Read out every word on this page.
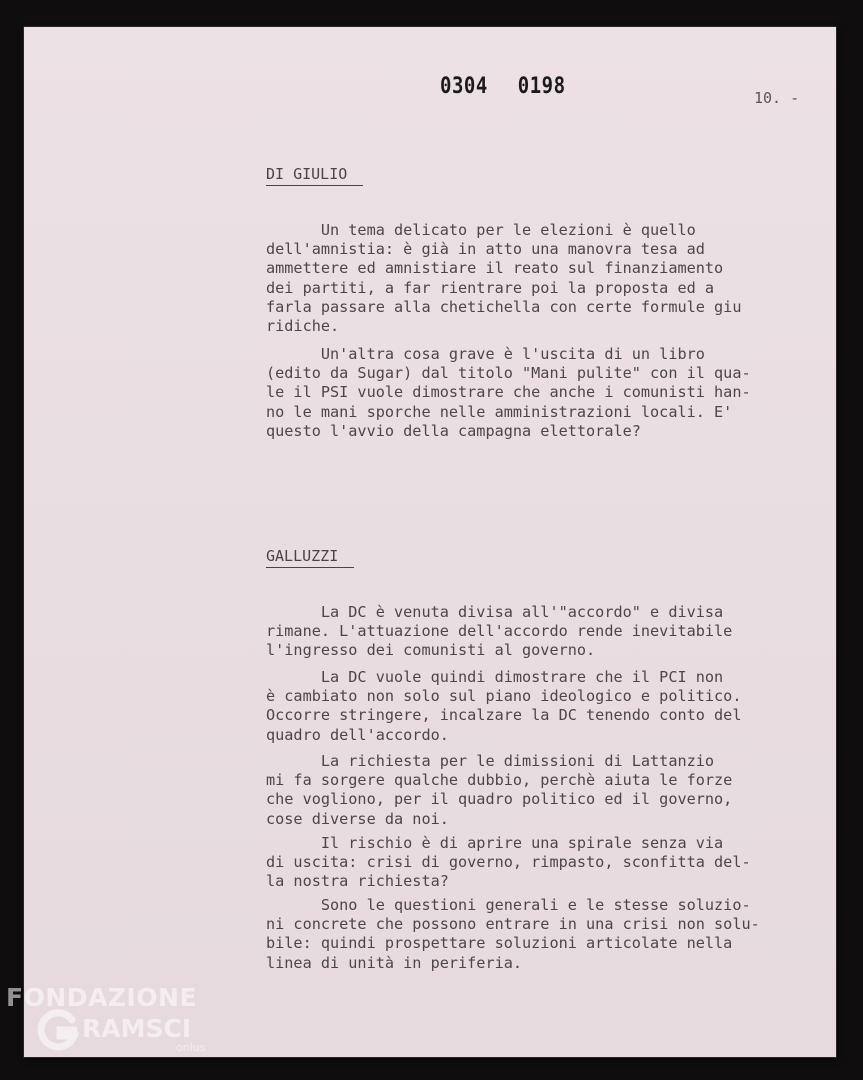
0304 0198	10. -
DI GIULIO

Un tema delicato per le elezioni è quello
dell'amnistia: è già in atto una manovra tesa ad
ammettere ed amnistiare il reato sul finanziamento
dei partiti, a far rientrare poi la proposta ed a
farla passare alla chetichella con certe formule giu
ridiche.

Un'altra cosa grave è l'uscita di un libro
(edito da Sugar) dal titolo "Mani pulite" con il qua-
le il PSI vuole dimostrare che anche i comunisti han-
no le mani sporche nelle amministrazioni locali. E'
questo l'avvio della campagna elettorale?

GALLUZZI

La DC è venuta divisa all'"accordo" e divisa
rimane. L'attuazione dell'accordo rende inevitabile
l'ingresso dei comunisti al governo.

La DC vuole quindi dimostrare che il PCI non
è cambiato non solo sul piano ideologico e politico.
Occorre stringere, incalzare la DC tenendo conto del
quadro dell'accordo.

La richiesta per le dimissioni di Lattanzio
mi fa sorgere qualche dubbio, perchè aiuta le forze
che vogliono, per il quadro politico ed il governo,
cose diverse da noi.

Il rischio è di aprire una spirale senza via
di uscita: crisi di governo, rimpasto, sconfitta del-
la nostra richiesta?

Sono le questioni generali e le stesse soluzio-
ni concrete che possono entrare in una crisi non solu-
bile: quindi prospettare soluzioni articolate nella
linea di unità in periferia.

FONDAZIONE
RAMSCI
onlus
